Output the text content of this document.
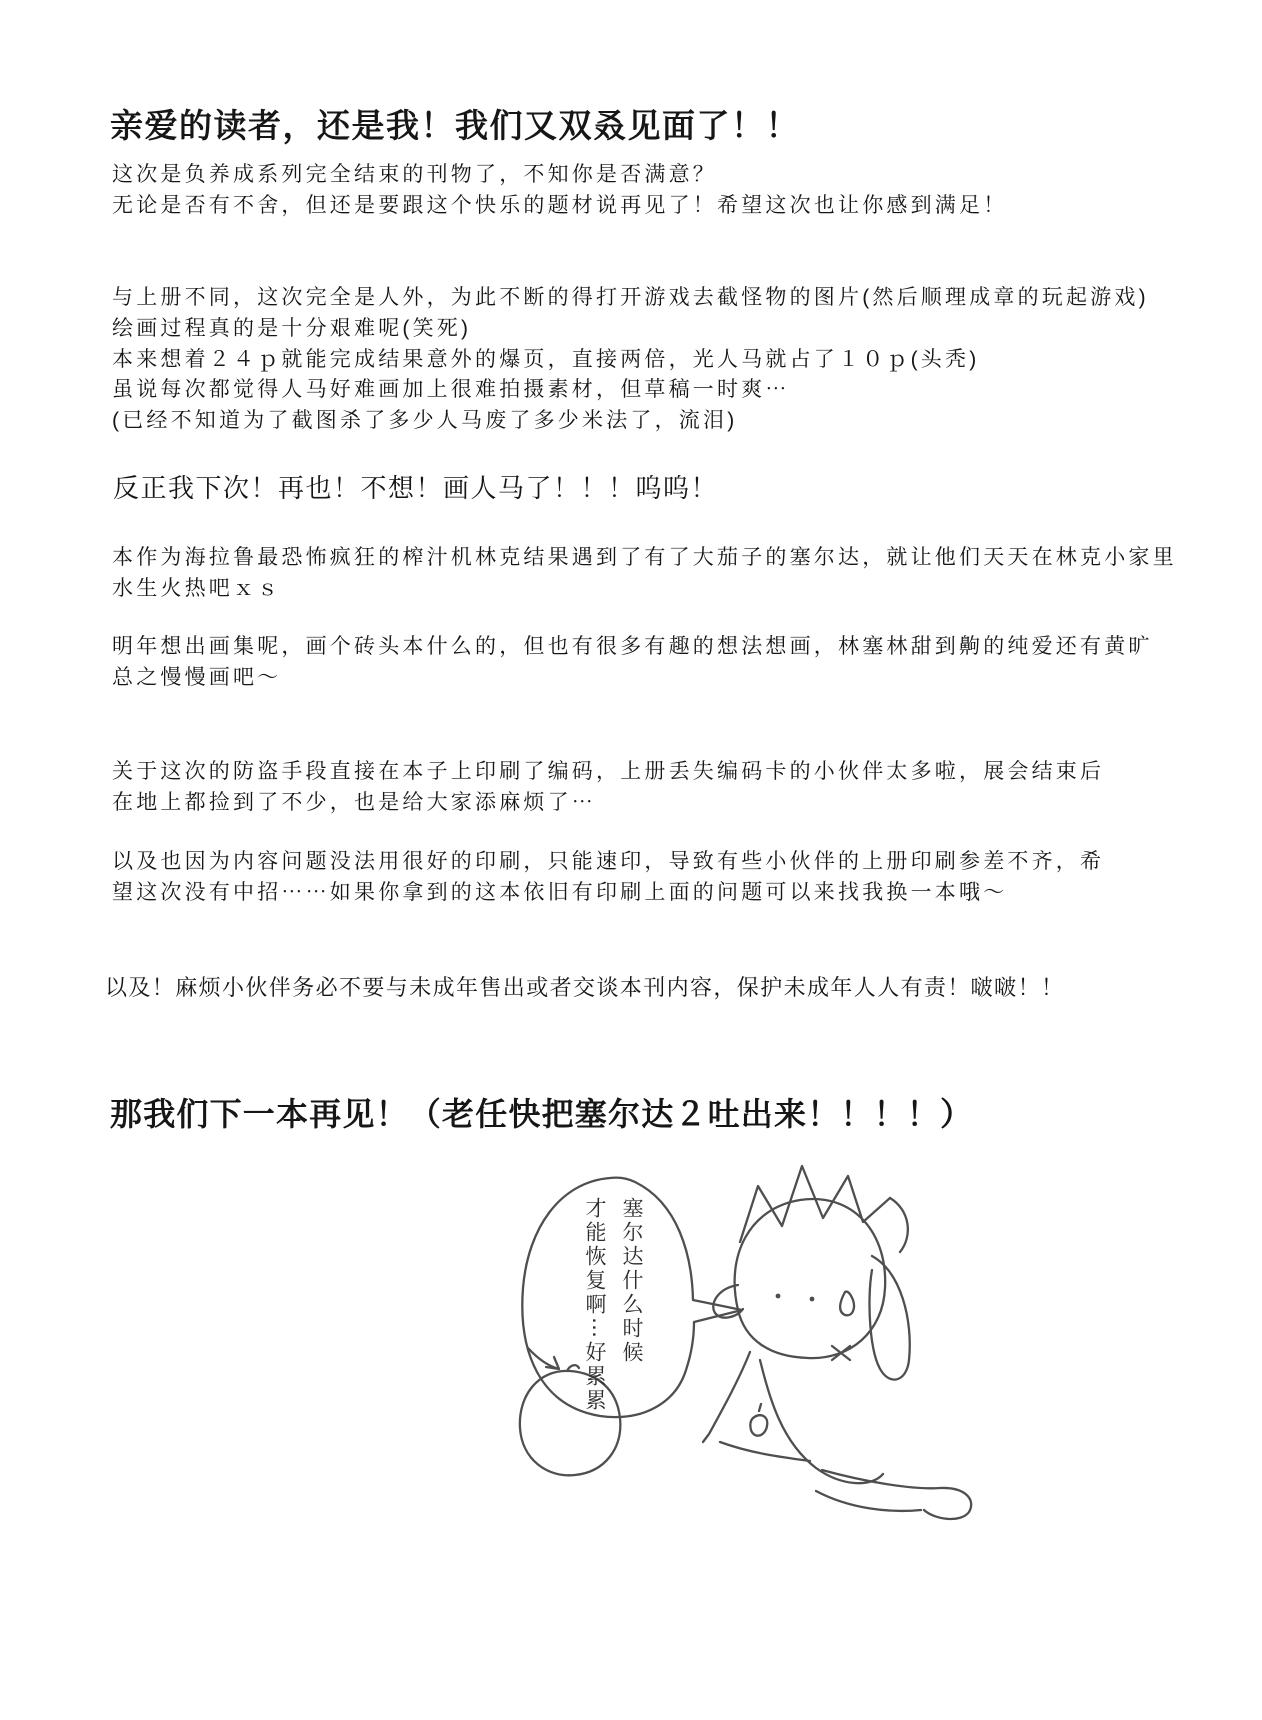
亲爱的读者，还是我！我们又双叒见面了！！
这次是负养成系列完全结束的刊物了，不知你是否满意？
无论是否有不舍，但还是要跟这个快乐的题材说再见了！希望这次也让你感到满足！
与上册不同，这次完全是人外，为此不断的得打开游戏去截怪物的图片(然后顺理成章的玩起游戏)
绘画过程真的是十分艰难呢(笑死)
本来想着２４ｐ就能完成结果意外的爆页，直接两倍，光人马就占了１０ｐ(头秃)
虽说每次都觉得人马好难画加上很难拍摄素材，但草稿一时爽⋯
(已经不知道为了截图杀了多少人马废了多少米法了，流泪)
反正我下次！再也！不想！画人马了！！！呜呜！
本作为海拉鲁最恐怖疯狂的榨汁机林克结果遇到了有了大茄子的塞尔达，就让他们天天在林克小家里
水生火热吧ｘｓ
明年想出画集呢，画个砖头本什么的，但也有很多有趣的想法想画，林塞林甜到齁的纯爱还有黄旷
总之慢慢画吧～
关于这次的防盗手段直接在本子上印刷了编码，上册丢失编码卡的小伙伴太多啦，展会结束后
在地上都捡到了不少，也是给大家添麻烦了⋯
以及也因为内容问题没法用很好的印刷，只能速印，导致有些小伙伴的上册印刷参差不齐，希
望这次没有中招⋯⋯如果你拿到的这本依旧有印刷上面的问题可以来找我换一本哦～
以及！麻烦小伙伴务必不要与未成年售出或者交谈本刊内容，保护未成年人人有责！啵啵！！
那我们下一本再见！（老任快把塞尔达２吐出来！！！！）
塞尔达什么时候
才能恢复啊⋯好累累
